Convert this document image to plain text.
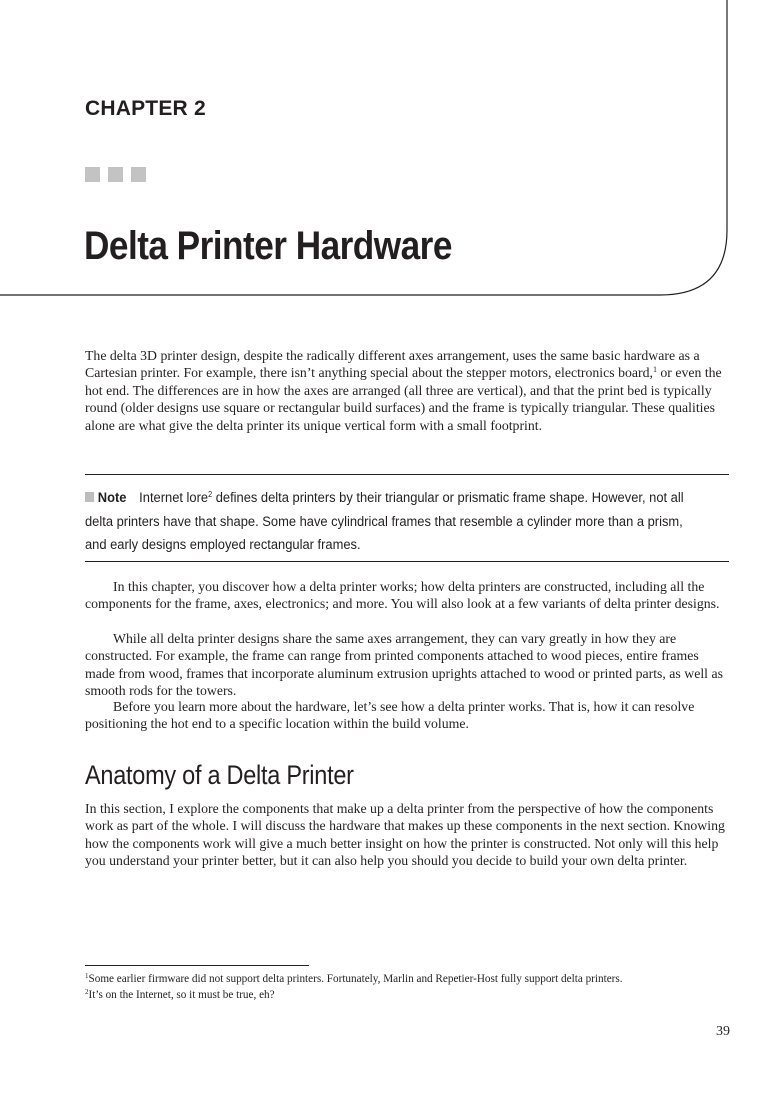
CHAPTER 2
Delta Printer Hardware

The delta 3D printer design, despite the radically different axes arrangement, uses the same basic hardware as a Cartesian printer. For example, there isn’t anything special about the stepper motors, electronics board,$^1$ or even the hot end. The differences are in how the axes are arranged (all three are vertical), and that the print bed is typically round (older designs use square or rectangular build surfaces) and the frame is typically triangular. These qualities alone are what give the delta printer its unique vertical form with a small footprint.

Note Internet lore$^2$ defines delta printers by their triangular or prismatic frame shape. However, not all delta printers have that shape. Some have cylindrical frames that resemble a cylinder more than a prism, and early designs employed rectangular frames.

In this chapter, you discover how a delta printer works; how delta printers are constructed, including all the components for the frame, axes, electronics; and more. You will also look at a few variants of delta printer designs.

While all delta printer designs share the same axes arrangement, they can vary greatly in how they are constructed. For example, the frame can range from printed components attached to wood pieces, entire frames made from wood, frames that incorporate aluminum extrusion uprights attached to wood or printed parts, as well as smooth rods for the towers.

Before you learn more about the hardware, let’s see how a delta printer works. That is, how it can resolve positioning the hot end to a specific location within the build volume.

Anatomy of a Delta Printer

In this section, I explore the components that make up a delta printer from the perspective of how the components work as part of the whole. I will discuss the hardware that makes up these components in the next section. Knowing how the components work will give a much better insight on how the printer is constructed. Not only will this help you understand your printer better, but it can also help you should you decide to build your own delta printer.

$^1$Some earlier firmware did not support delta printers. Fortunately, Marlin and Repetier-Host fully support delta printers.

$^2$It’s on the Internet, so it must be true, eh?

39
